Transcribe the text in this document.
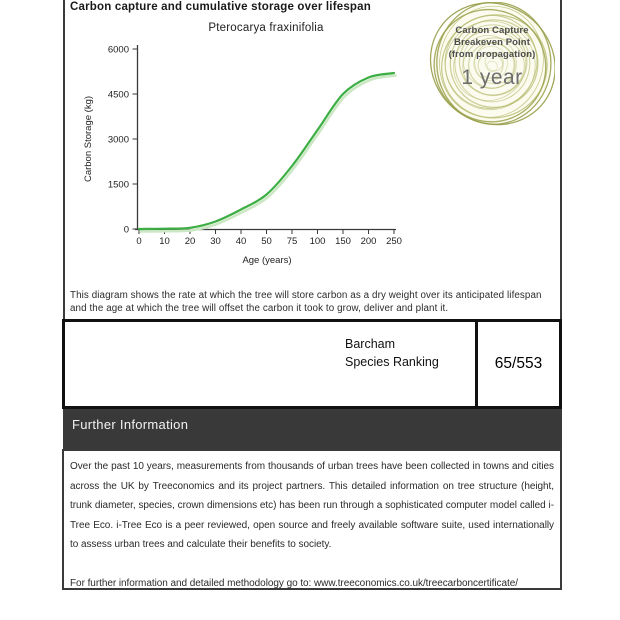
Carbon capture and cumulative storage over lifespan
Pterocarya fraxinifolia
0
1500
3000
4500
6000
0 10 20 30 40 50 75 100 150 200 250
Age (years)
Carbon Storage (kg)
Carbon Capture
Breakeven Point
(from propagation)
1 year
This diagram shows the rate at which the tree will store carbon as a dry weight over its anticipated lifespan and the age at which the tree will offset the carbon it took to grow, deliver and plant it.
Barcham
Species Ranking	65/553
Further Information

Over the past 10 years, measurements from thousands of urban trees have been collected in towns and cities across the UK by Treeconomics and its project partners. This detailed information on tree structure (height, trunk diameter, species, crown dimensions etc) has been run through a sophisticated computer model called i-Tree Eco. i-Tree Eco is a peer reviewed, open source and freely available software suite, used internationally to assess urban trees and calculate their benefits to society.

For further information and detailed methodology go to: www.treeconomics.co.uk/treecarboncertificate/
